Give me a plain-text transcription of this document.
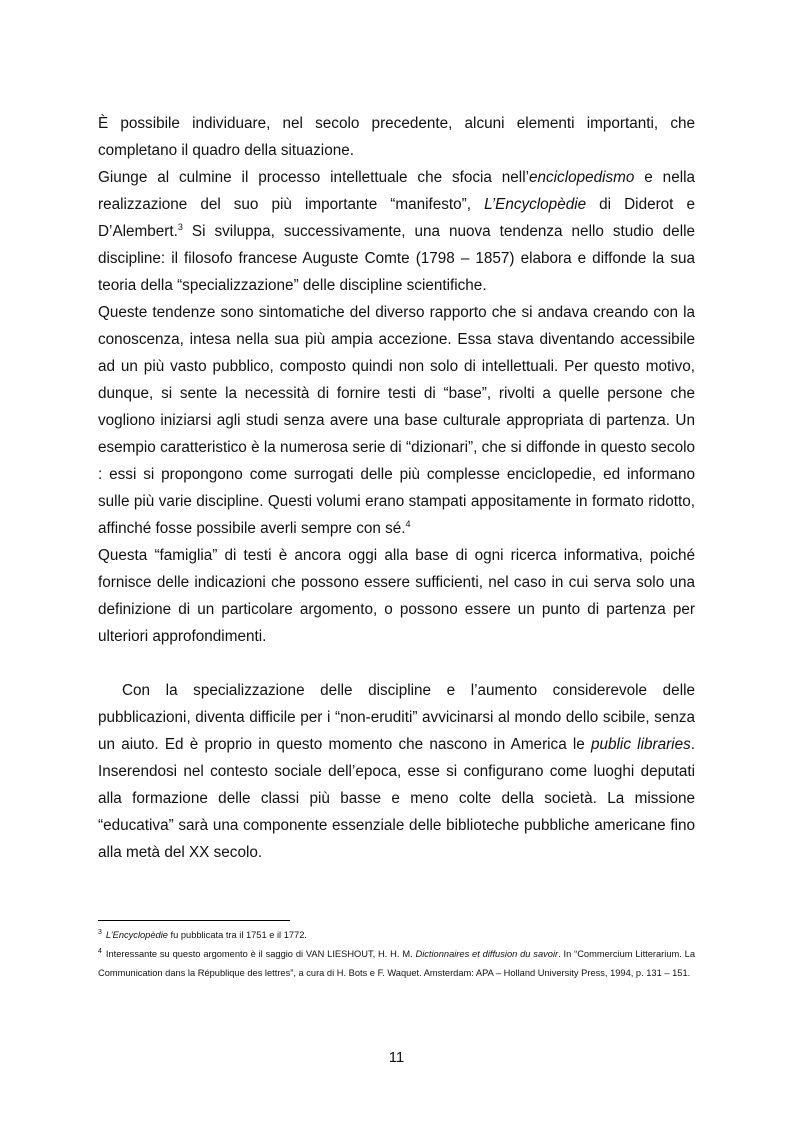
È possibile individuare, nel secolo precedente, alcuni elementi importanti, che completano il quadro della situazione.

Giunge al culmine il processo intellettuale che sfocia nell’enciclopedismo e nella realizzazione del suo più importante “manifesto”, L’Encyclopèdie di Diderot e D’Alembert.$^3$ Si sviluppa, successivamente, una nuova tendenza nello studio delle discipline: il filosofo francese Auguste Comte (1798 – 1857) elabora e diffonde la sua teoria della “specializzazione” delle discipline scientifiche.

Queste tendenze sono sintomatiche del diverso rapporto che si andava creando con la conoscenza, intesa nella sua più ampia accezione. Essa stava diventando accessibile ad un più vasto pubblico, composto quindi non solo di intellettuali. Per questo motivo, dunque, si sente la necessità di fornire testi di “base”, rivolti a quelle persone che vogliono iniziarsi agli studi senza avere una base culturale appropriata di partenza. Un esempio caratteristico è la numerosa serie di “dizionari”, che si diffonde in questo secolo : essi si propongono come surrogati delle più complesse enciclopedie, ed informano sulle più varie discipline. Questi volumi erano stampati appositamente in formato ridotto, affinché fosse possibile averli sempre con sé.$^4$

Questa “famiglia” di testi è ancora oggi alla base di ogni ricerca informativa, poiché fornisce delle indicazioni che possono essere sufficienti, nel caso in cui serva solo una definizione di un particolare argomento, o possono essere un punto di partenza per ulteriori approfondimenti.

Con la specializzazione delle discipline e l’aumento considerevole delle pubblicazioni, diventa difficile per i “non-eruditi” avvicinarsi al mondo dello scibile, senza un aiuto. Ed è proprio in questo momento che nascono in America le public libraries. Inserendosi nel contesto sociale dell’epoca, esse si configurano come luoghi deputati alla formazione delle classi più basse e meno colte della società. La missione “educativa” sarà una componente essenziale delle biblioteche pubbliche americane fino alla metà del XX secolo.

$^3$ L’Encyclopèdie fu pubblicata tra il 1751 e il 1772.

$^4$ Interessante su questo argomento è il saggio di VAN LIESHOUT, H. H. M. Dictionnaires et diffusion du savoir. In “Commercium Litterarium. La Communication dans la République des lettres”, a cura di H. Bots e F. Waquet. Amsterdam: APA – Holland University Press, 1994, p. 131 – 151.

11
